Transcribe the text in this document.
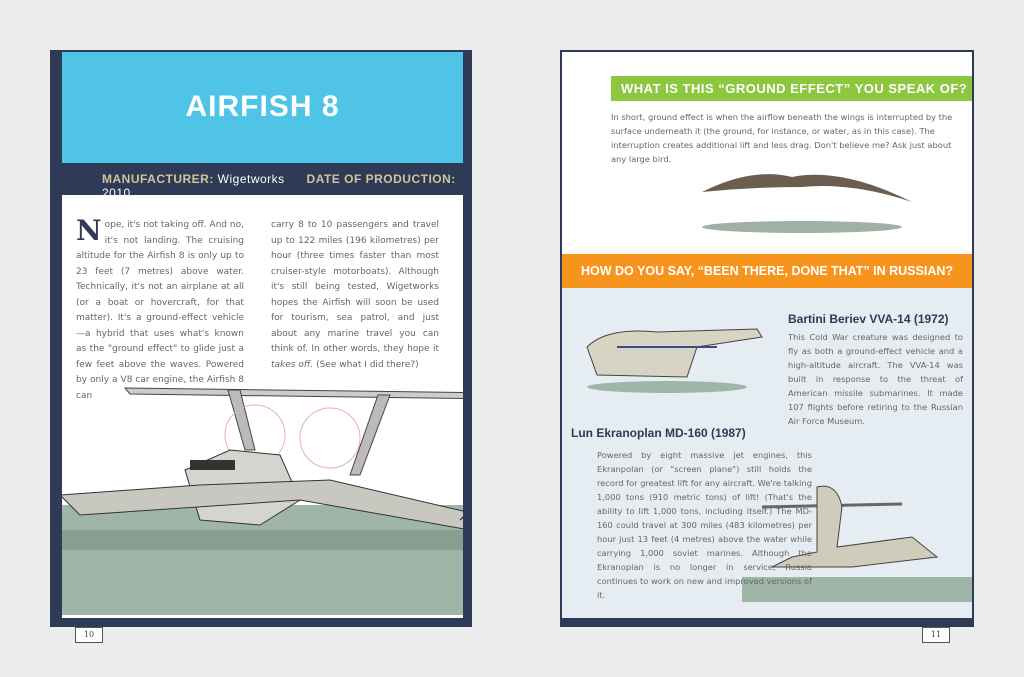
AIRFISH 8
MANUFACTURER: Wigetworks DATE OF PRODUCTION: 2010
Nope, it's not taking off. And no, it's not landing. The cruising altitude for the Airfish 8 is only up to 23 feet (7 metres) above water. Technically, it's not an airplane at all (or a boat or hovercraft, for that matter). It's a ground-effect vehicle—a hybrid that uses what's known as the "ground effect" to glide just a few feet above the waves. Powered by only a V8 car engine, the Airfish 8 can
carry 8 to 10 passengers and travel up to 122 miles (196 kilometres) per hour (three times faster than most cruiser-style motorboats). Although it's still being tested, Wigetworks hopes the Airfish will soon be used for tourism, sea patrol, and just about any marine travel you can think of. In other words, they hope it takes off. (See what I did there?)
10
WHAT IS THIS “GROUND EFFECT” YOU SPEAK OF?
In short, ground effect is when the airflow beneath the wings is interrupted by the surface underneath it (the ground, for instance, or water, as in this case). The interruption creates additional lift and less drag. Don't believe me? Ask just about any large bird.
HOW DO YOU SAY, “BEEN THERE, DONE THAT” IN RUSSIAN?
Bartini Beriev VVA-14 (1972)
This Cold War creature was designed to fly as both a ground-effect vehicle and a high-altitude aircraft. The VVA-14 was built in response to the threat of American missile submarines. It made 107 flights before retiring to the Russian Air Force Museum.
Lun Ekranoplan MD-160 (1987)
Powered by eight massive jet engines, this Ekranpolan (or "screen plane") still holds the record for greatest lift for any aircraft. We're talking 1,000 tons (910 metric tons) of lift! (That's the ability to lift 1,000 tons, including itself.) The MD-160 could travel at 300 miles (483 kilometres) per hour just 13 feet (4 metres) above the water while carrying 1,000 soviet marines. Although the Ekranoplan is no longer in service, Russia continues to work on new and improved versions of it.
11
